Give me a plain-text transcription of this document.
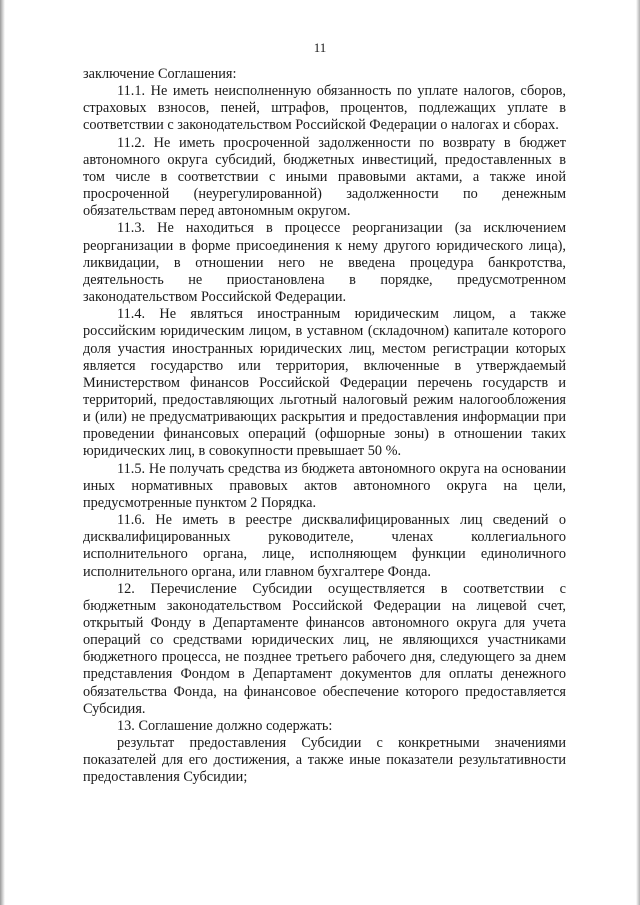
11

заключение Соглашения:

11.1. Не иметь неисполненную обязанность по уплате налогов, сборов, страховых взносов, пеней, штрафов, процентов, подлежащих уплате в соответствии с законодательством Российской Федерации о налогах и сборах.

11.2. Не иметь просроченной задолженности по возврату в бюджет автономного округа субсидий, бюджетных инвестиций, предоставленных в том числе в соответствии с иными правовыми актами, а также иной просроченной (неурегулированной) задолженности по денежным обязательствам перед автономным округом.

11.3. Не находиться в процессе реорганизации (за исключением реорганизации в форме присоединения к нему другого юридического лица), ликвидации, в отношении него не введена процедура банкротства, деятельность не приостановлена в порядке, предусмотренном законодательством Российской Федерации.

11.4. Не являться иностранным юридическим лицом, а также российским юридическим лицом, в уставном (складочном) капитале которого доля участия иностранных юридических лиц, местом регистрации которых является государство или территория, включенные в утверждаемый Министерством финансов Российской Федерации перечень государств и территорий, предоставляющих льготный налоговый режим налогообложения и (или) не предусматривающих раскрытия и предоставления информации при проведении финансовых операций (офшорные зоны) в отношении таких юридических лиц, в совокупности превышает 50 %.

11.5. Не получать средства из бюджета автономного округа на основании иных нормативных правовых актов автономного округа на цели, предусмотренные пунктом 2 Порядка.

11.6. Не иметь в реестре дисквалифицированных лиц сведений о дисквалифицированных руководителе, членах коллегиального исполнительного органа, лице, исполняющем функции единоличного исполнительного органа, или главном бухгалтере Фонда.

12. Перечисление Субсидии осуществляется в соответствии с бюджетным законодательством Российской Федерации на лицевой счет, открытый Фонду в Департаменте финансов автономного округа для учета операций со средствами юридических лиц, не являющихся участниками бюджетного процесса, не позднее третьего рабочего дня, следующего за днем представления Фондом в Департамент документов для оплаты денежного обязательства Фонда, на финансовое обеспечение которого предоставляется Субсидия.

13. Соглашение должно содержать:

результат предоставления Субсидии с конкретными значениями показателей для его достижения, а также иные показатели результативности предоставления Субсидии;
